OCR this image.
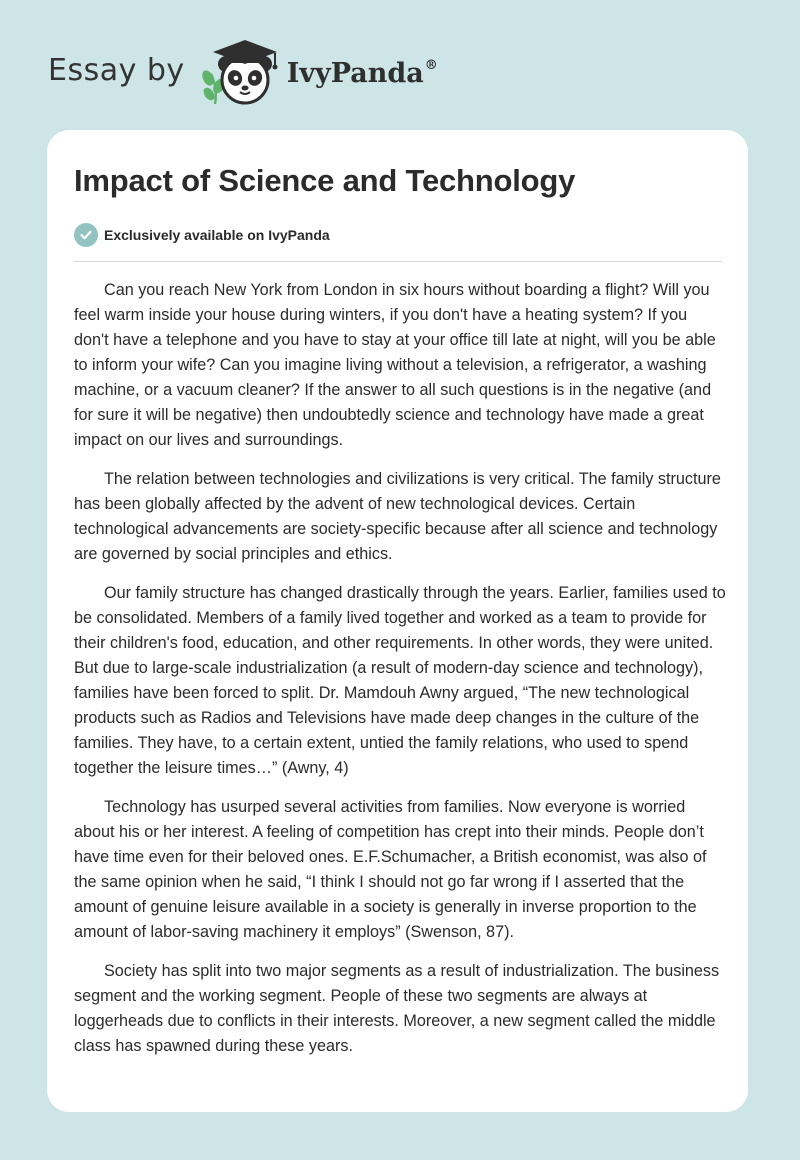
Essay by	IvyPanda®
Impact of Science and Technology
Exclusively available on IvyPanda

Can you reach New York from London in six hours without boarding a flight? Will you feel warm inside your house during winters, if you don't have a heating system? If you don't have a telephone and you have to stay at your office till late at night, will you be able to inform your wife? Can you imagine living without a television, a refrigerator, a washing machine, or a vacuum cleaner? If the answer to all such questions is in the negative (and for sure it will be negative) then undoubtedly science and technology have made a great impact on our lives and surroundings.

The relation between technologies and civilizations is very critical. The family structure has been globally affected by the advent of new technological devices. Certain technological advancements are society-specific because after all science and technology are governed by social principles and ethics.

Our family structure has changed drastically through the years. Earlier, families used to be consolidated. Members of a family lived together and worked as a team to provide for their children's food, education, and other requirements. In other words, they were united. But due to large-scale industrialization (a result of modern-day science and technology), families have been forced to split. Dr. Mamdouh Awny argued, “The new technological products such as Radios and Televisions have made deep changes in the culture of the families. They have, to a certain extent, untied the family relations, who used to spend together the leisure times…” (Awny, 4)

Technology has usurped several activities from families. Now everyone is worried about his or her interest. A feeling of competition has crept into their minds. People don’t have time even for their beloved ones. E.F.Schumacher, a British economist, was also of the same opinion when he said, “I think I should not go far wrong if I asserted that the amount of genuine leisure available in a society is generally in inverse proportion to the amount of labor-saving machinery it employs” (Swenson, 87).

Society has split into two major segments as a result of industrialization. The business segment and the working segment. People of these two segments are always at loggerheads due to conflicts in their interests. Moreover, a new segment called the middle class has spawned during these years.
